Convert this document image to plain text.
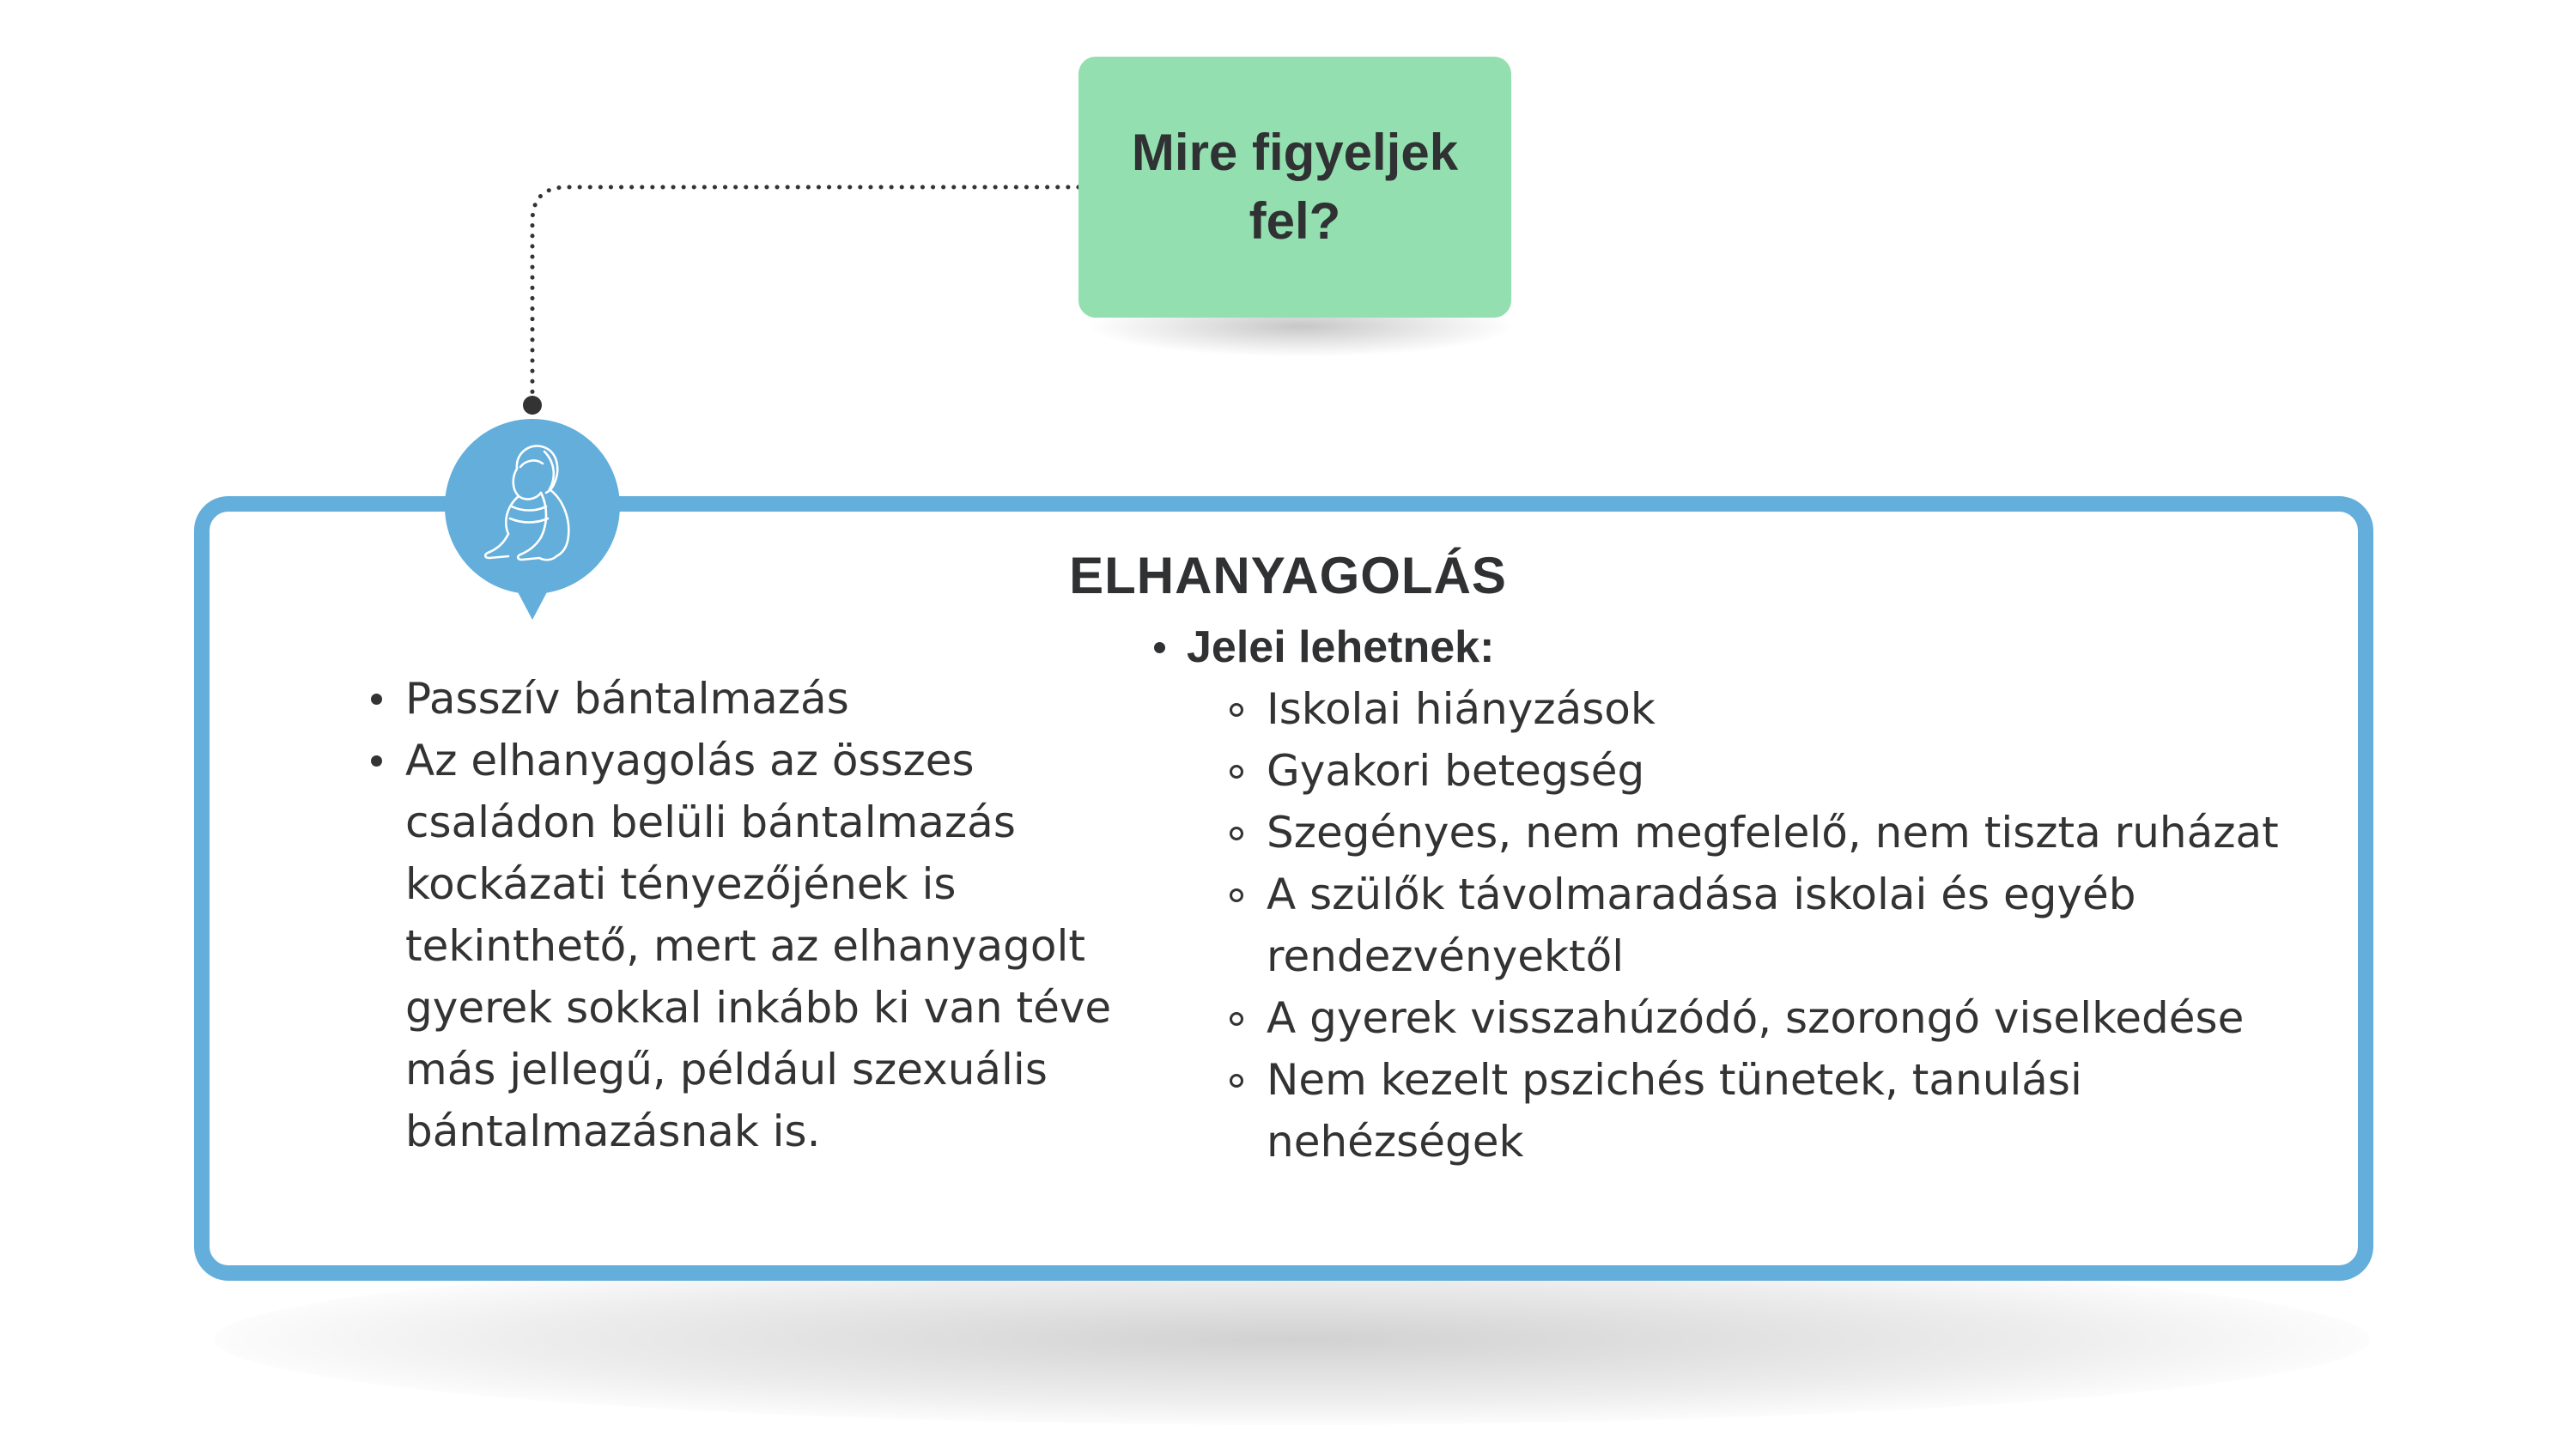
Mire figyeljek fel?
ELHANYAGOLÁS
Passzív bántalmazás
Az elhanyagolás az összes családon belüli bántalmazás kockázati tényezőjének is tekinthető, mert az elhanyagolt gyerek sokkal inkább ki van téve más jellegű, például szexuális bántalmazásnak is.
Jelei lehetnek:
Iskolai hiányzások
Gyakori betegség
Szegényes, nem megfelelő, nem tiszta ruházat
A szülők távolmaradása iskolai és egyéb rendezvényektől
A gyerek visszahúzódó, szorongó viselkedése
Nem kezelt pszichés tünetek, tanulási nehézségek
